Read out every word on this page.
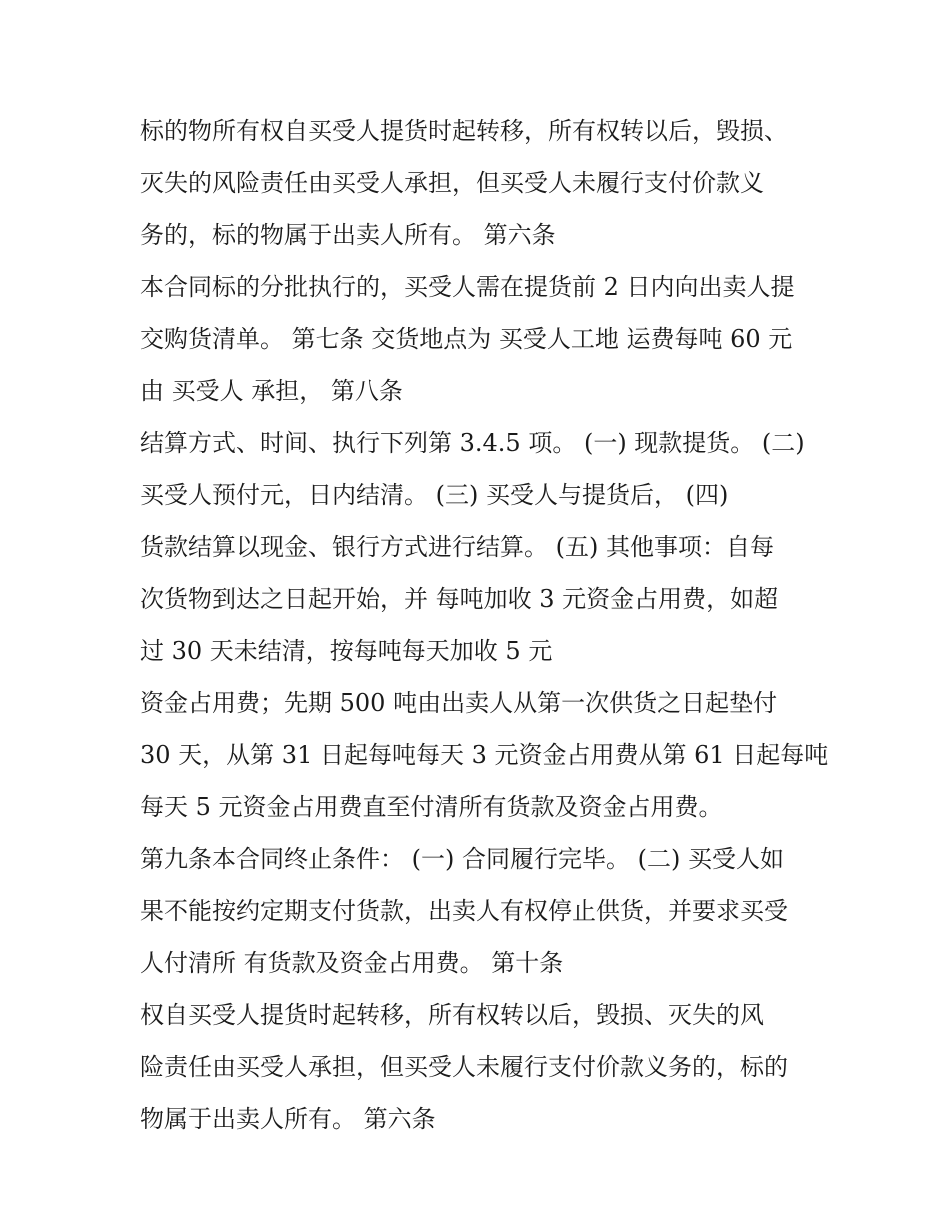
标的物所有权自买受人提货时起转移，所有权转以后，毁损、
灭失的风险责任由买受人承担，但买受人未履行支付价款义
务的，标的物属于出卖人所有。 第六条
本合同标的分批执行的，买受人需在提货前 2 日内向出卖人提
交购货清单。 第七条 交货地点为 买受人工地 运费每吨 60 元
由 买受人 承担， 第八条
结算方式、时间、执行下列第 3.4.5 项。 (一) 现款提货。 (二)
买受人预付元，日内结清。 (三) 买受人与提货后， (四)
货款结算以现金、银行方式进行结算。 (五) 其他事项：自每
次货物到达之日起开始，并 每吨加收 3 元资金占用费，如超
过 30 天未结清，按每吨每天加收 5 元
资金占用费；先期 500 吨由出卖人从第一次供货之日起垫付
30 天，从第 31 日起每吨每天 3 元资金占用费从第 61 日起每吨
每天 5 元资金占用费直至付清所有货款及资金占用费。
第九条本合同终止条件： (一) 合同履行完毕。 (二) 买受人如
果不能按约定期支付货款，出卖人有权停止供货，并要求买受
人付清所 有货款及资金占用费。 第十条
权自买受人提货时起转移，所有权转以后，毁损、灭失的风
险责任由买受人承担，但买受人未履行支付价款义务的，标的
物属于出卖人所有。 第六条
